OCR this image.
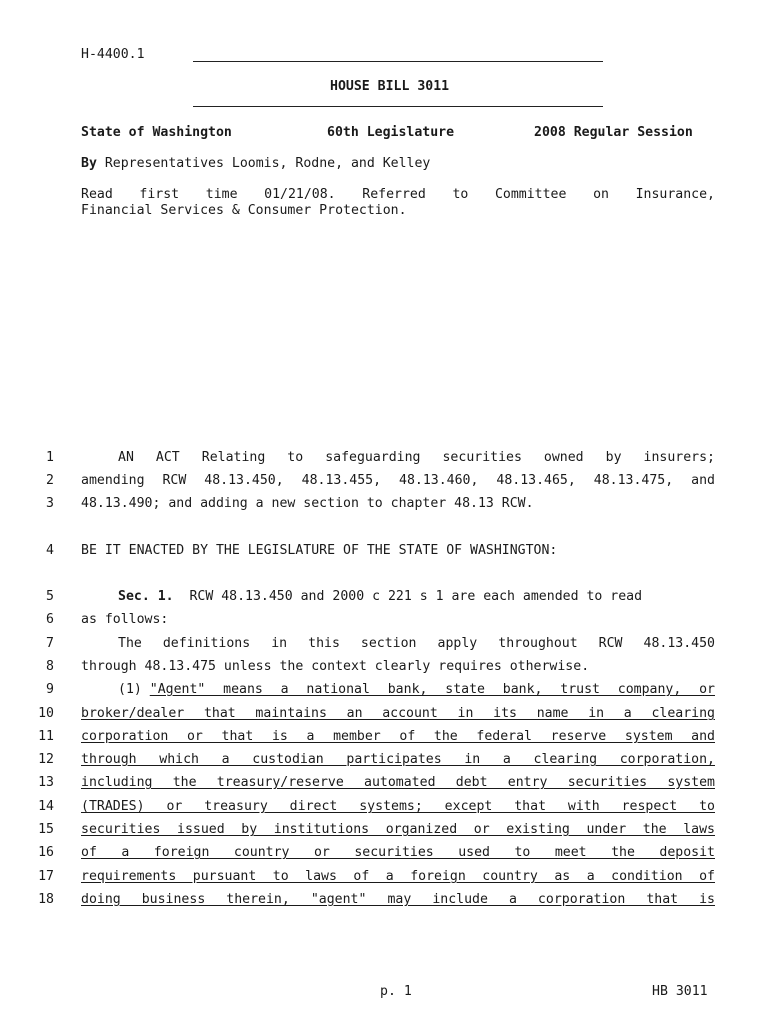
H-4400.1
HOUSE BILL 3011
State of Washington	60th Legislature	2008 Regular Session
By Representatives Loomis, Rodne, and Kelley
Read first time 01/21/08. Referred to Committee on Insurance,
Financial Services & Consumer Protection.
1	AN ACT Relating to safeguarding securities owned by insurers;
2 amending RCW 48.13.450, 48.13.455, 48.13.460, 48.13.465, 48.13.475, and
3 48.13.490; and adding a new section to chapter 48.13 RCW.
4 BE IT ENACTED BY THE LEGISLATURE OF THE STATE OF WASHINGTON:
5	Sec. 1. RCW 48.13.450 and 2000 c 221 s 1 are each amended to read
6 as follows:
7	The definitions in this section apply throughout RCW 48.13.450
8 through 48.13.475 unless the context clearly requires otherwise.
9	(1) "Agent" means a national bank, state bank, trust company, or
10 broker/dealer that maintains an account in its name in a clearing
11 corporation or that is a member of the federal reserve system and
12 through which a custodian participates in a clearing corporation,
13 including the treasury/reserve automated debt entry securities system
14 (TRADES) or treasury direct systems; except that with respect to
15 securities issued by institutions organized or existing under the laws
16 of a foreign country or securities used to meet the deposit
17 requirements pursuant to laws of a foreign country as a condition of
18 doing business therein, "agent" may include a corporation that is
p. 1	HB 3011
